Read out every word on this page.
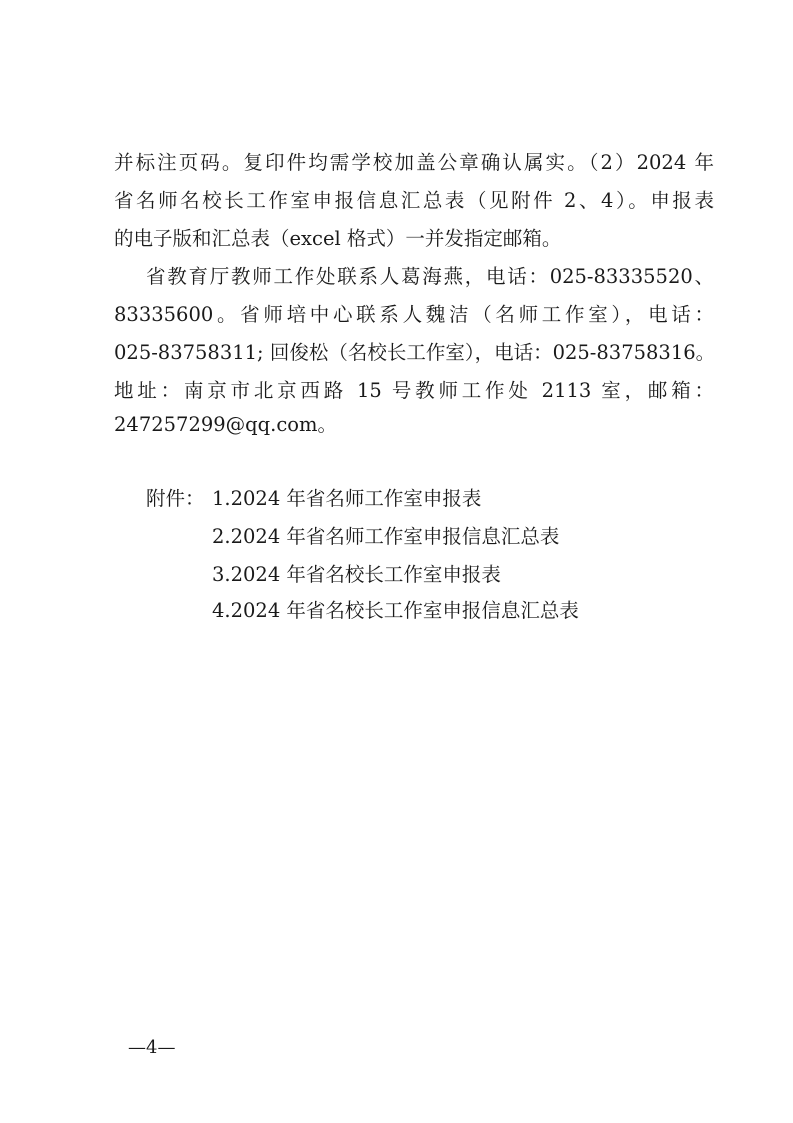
并标注页码。复印件均需学校加盖公章确认属实。（2）2024 年
省名师名校长工作室申报信息汇总表（见附件 2、4）。申报表
的电子版和汇总表（excel 格式）一并发指定邮箱。
省教育厅教师工作处联系人葛海燕，电话：025-83335520、
83335600。省师培中心联系人魏洁（名师工作室），电话：
025-83758311; 回俊松（名校长工作室），电话：025-83758316。
地址：南京市北京西路 15 号教师工作处 2113 室，邮箱：
247257299@qq.com。
附件： 1.2024 年省名师工作室申报表
2.2024 年省名师工作室申报信息汇总表
3.2024 年省名校长工作室申报表
4.2024 年省名校长工作室申报信息汇总表
—4—
